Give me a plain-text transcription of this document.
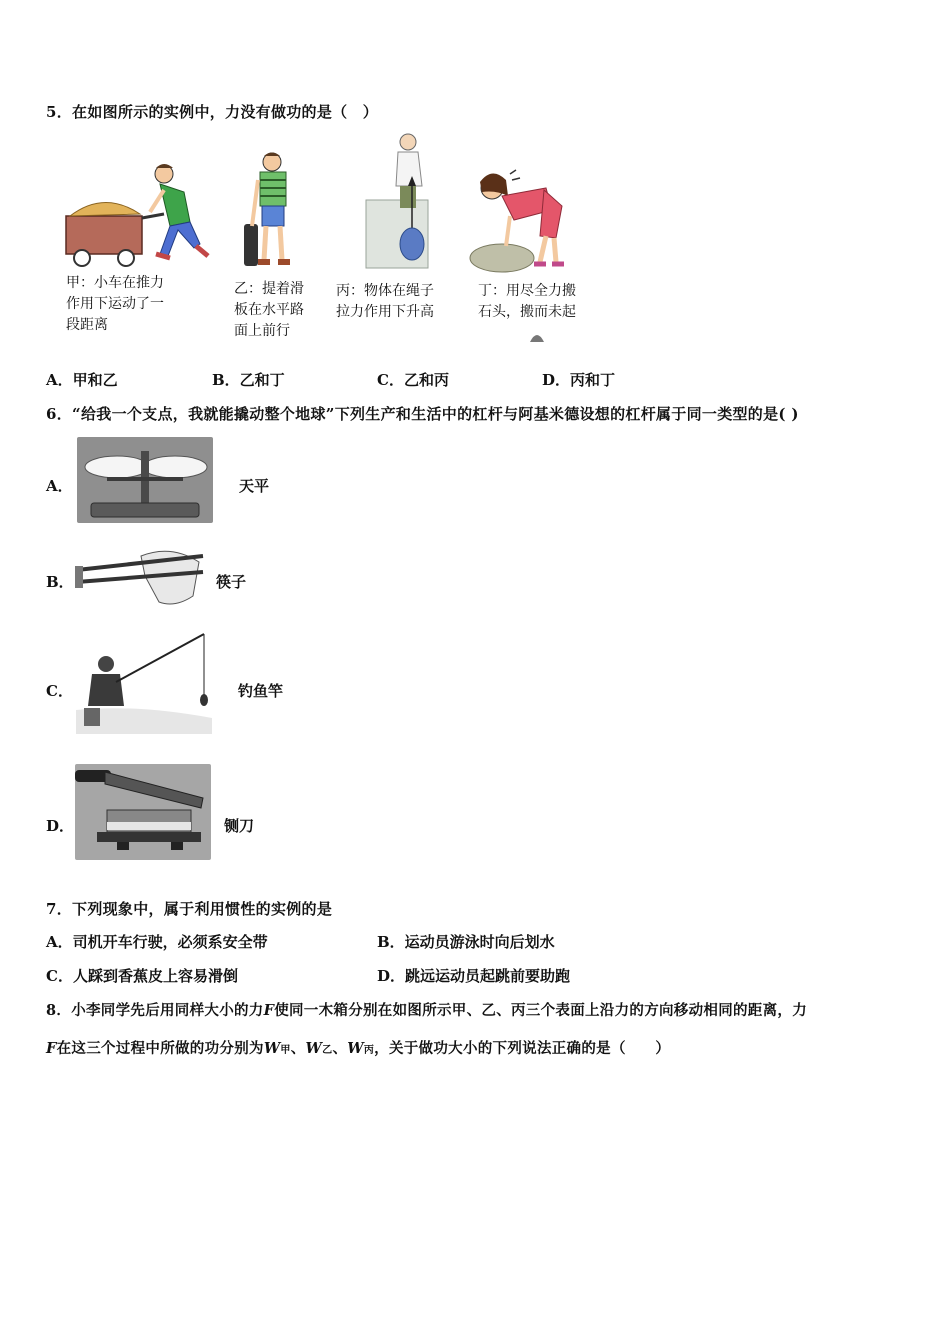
5．在如图所示的实例中，力没有做功的是（　）
甲：小车在推力
作用下运动了一
段距离
乙：提着滑
板在水平路
面上前行
丙：物体在绳子
拉力作用下升高
丁：用尽全力搬
石头，搬而未起
A．甲和乙	B．乙和丁	C．乙和丙	D．丙和丁
6．“给我一个支点，我就能撬动整个地球”下列生产和生活中的杠杆与阿基米德设想的杠杆属于同一类型的是( )
A．	天平
B．	筷子
C．	钓鱼竿
D．	铡刀
7．下列现象中，属于利用惯性的实例的是
A．司机开车行驶，必须系安全带	B．运动员游泳时向后划水
C．人踩到香蕉皮上容易滑倒	D．跳远运动员起跳前要助跑
8．小李同学先后用同样大小的力F使同一木箱分别在如图所示甲、乙、丙三个表面上沿力的方向移动相同的距离，力
F在这三个过程中所做的功分别为W甲、W乙、W丙，关于做功大小的下列说法正确的是（　　）
